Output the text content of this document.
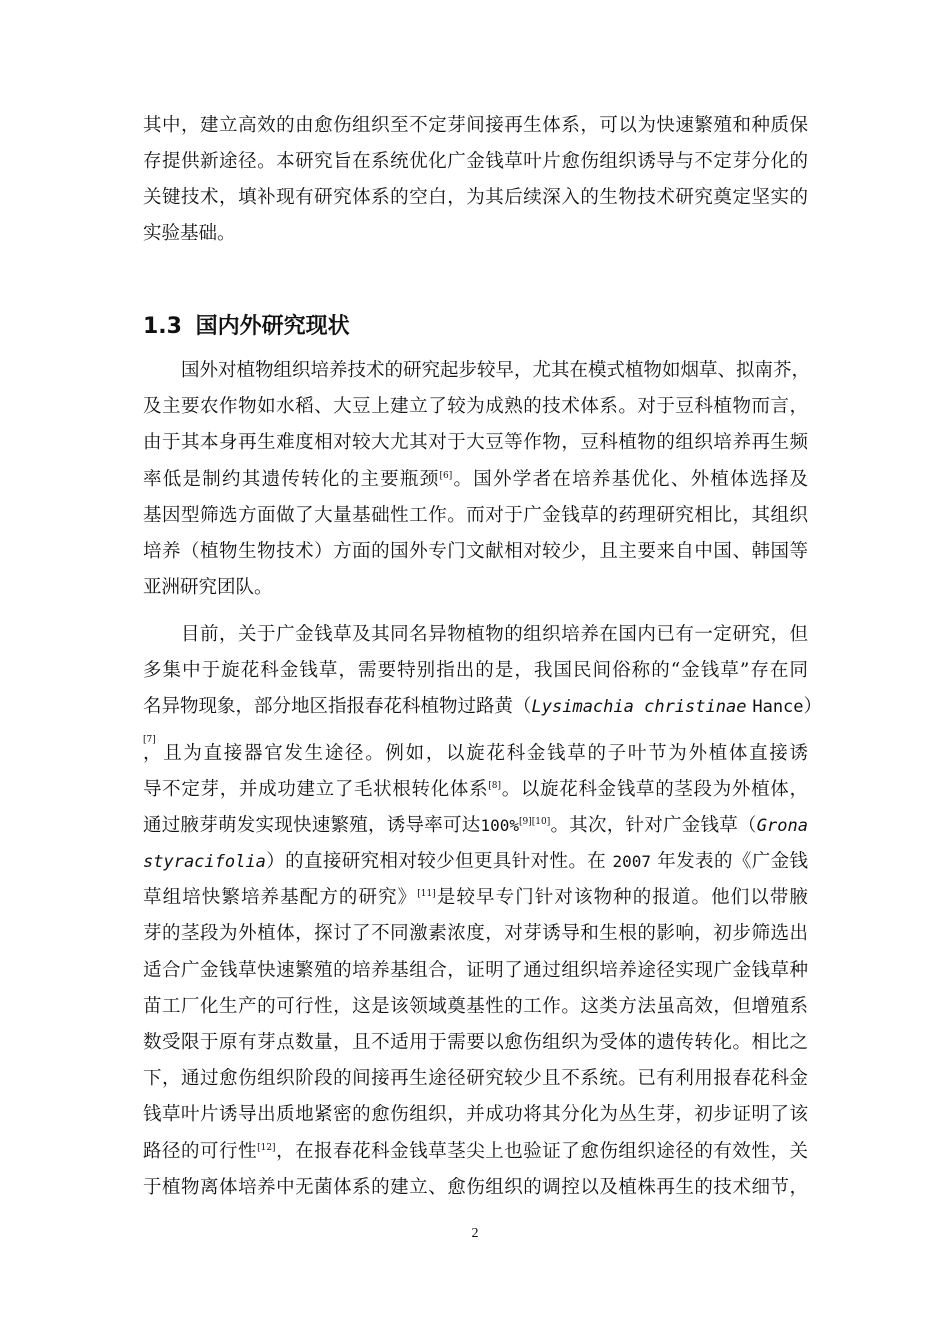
其中，建立高效的由愈伤组织至不定芽间接再生体系，可以为快速繁殖和种质保
存提供新途径。本研究旨在系统优化广金钱草叶片愈伤组织诱导与不定芽分化的
关键技术，填补现有研究体系的空白，为其后续深入的生物技术研究奠定坚实的
实验基础。
1.3 国内外研究现状
国外对植物组织培养技术的研究起步较早，尤其在模式植物如烟草、拟南芥，
及主要农作物如水稻、大豆上建立了较为成熟的技术体系。对于豆科植物而言，
由于其本身再生难度相对较大尤其对于大豆等作物，豆科植物的组织培养再生频
率低是制约其遗传转化的主要瓶颈[6]。国外学者在培养基优化、外植体选择及
基因型筛选方面做了大量基础性工作。而对于广金钱草的药理研究相比，其组织
培养（植物生物技术）方面的国外专门文献相对较少，且主要来自中国、韩国等
亚洲研究团队。
目前，关于广金钱草及其同名异物植物的组织培养在国内已有一定研究，但
多集中于旋花科金钱草，需要特别指出的是，我国民间俗称的“金钱草”存在同
名异物现象，部分地区指报春花科植物过路黄（Lysimachia christinae Hance）
[7]
，且为直接器官发生途径。例如，以旋花科金钱草的子叶节为外植体直接诱
导不定芽，并成功建立了毛状根转化体系[8]。以旋花科金钱草的茎段为外植体，
通过腋芽萌发实现快速繁殖，诱导率可达100%[9][10]。其次，针对广金钱草（Grona
styracifolia）的直接研究相对较少但更具针对性。在 2007 年发表的《广金钱
草组培快繁培养基配方的研究》[11]是较早专门针对该物种的报道。他们以带腋
芽的茎段为外植体，探讨了不同激素浓度，对芽诱导和生根的影响，初步筛选出
适合广金钱草快速繁殖的培养基组合，证明了通过组织培养途径实现广金钱草种
苗工厂化生产的可行性，这是该领域奠基性的工作。这类方法虽高效，但增殖系
数受限于原有芽点数量，且不适用于需要以愈伤组织为受体的遗传转化。相比之
下，通过愈伤组织阶段的间接再生途径研究较少且不系统。已有利用报春花科金
钱草叶片诱导出质地紧密的愈伤组织，并成功将其分化为丛生芽，初步证明了该
路径的可行性[12]，在报春花科金钱草茎尖上也验证了愈伤组织途径的有效性，关
于植物离体培养中无菌体系的建立、愈伤组织的调控以及植株再生的技术细节，
2
